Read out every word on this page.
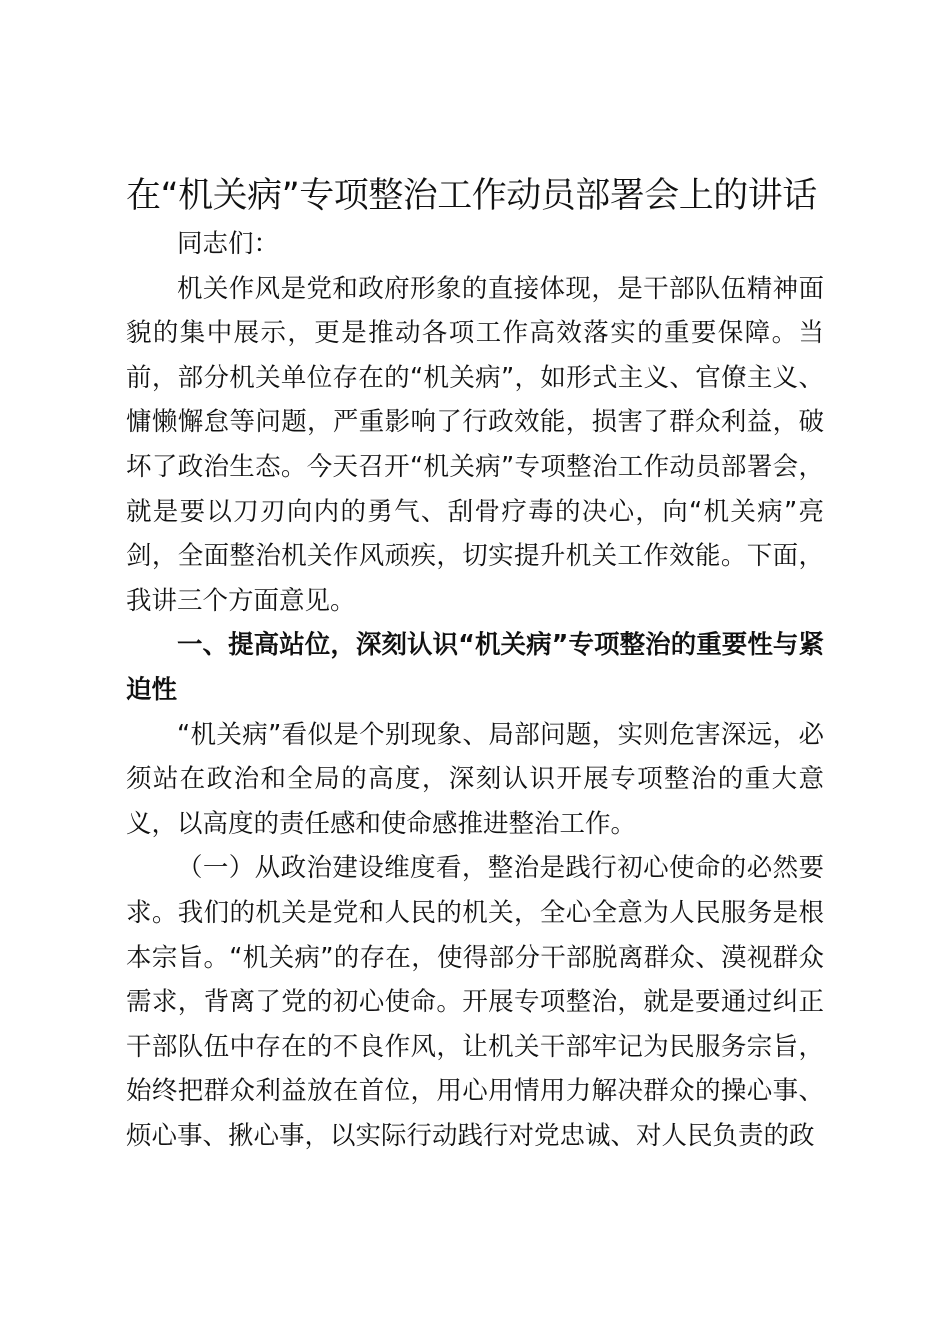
在“机关病”专项整治工作动员部署会上的讲话

同志们：

机关作风是党和政府形象的直接体现，是干部队伍精神面貌的集中展示，更是推动各项工作高效落实的重要保障。当前，部分机关单位存在的“机关病”，如形式主义、官僚主义、慵懒懈怠等问题，严重影响了行政效能，损害了群众利益，破坏了政治生态。今天召开“机关病”专项整治工作动员部署会，就是要以刀刃向内的勇气、刮骨疗毒的决心，向“机关病”亮剑，全面整治机关作风顽疾，切实提升机关工作效能。下面，我讲三个方面意见。

一、提高站位，深刻认识“机关病”专项整治的重要性与紧迫性

“机关病”看似是个别现象、局部问题，实则危害深远，必须站在政治和全局的高度，深刻认识开展专项整治的重大意义，以高度的责任感和使命感推进整治工作。

（一）从政治建设维度看，整治是践行初心使命的必然要求。我们的机关是党和人民的机关，全心全意为人民服务是根本宗旨。“机关病”的存在，使得部分干部脱离群众、漠视群众需求，背离了党的初心使命。开展专项整治，就是要通过纠正干部队伍中存在的不良作风，让机关干部牢记为民服务宗旨，始终把群众利益放在首位，用心用情用力解决群众的操心事、烦心事、揪心事，以实际行动践行对党忠诚、对人民负责的政
